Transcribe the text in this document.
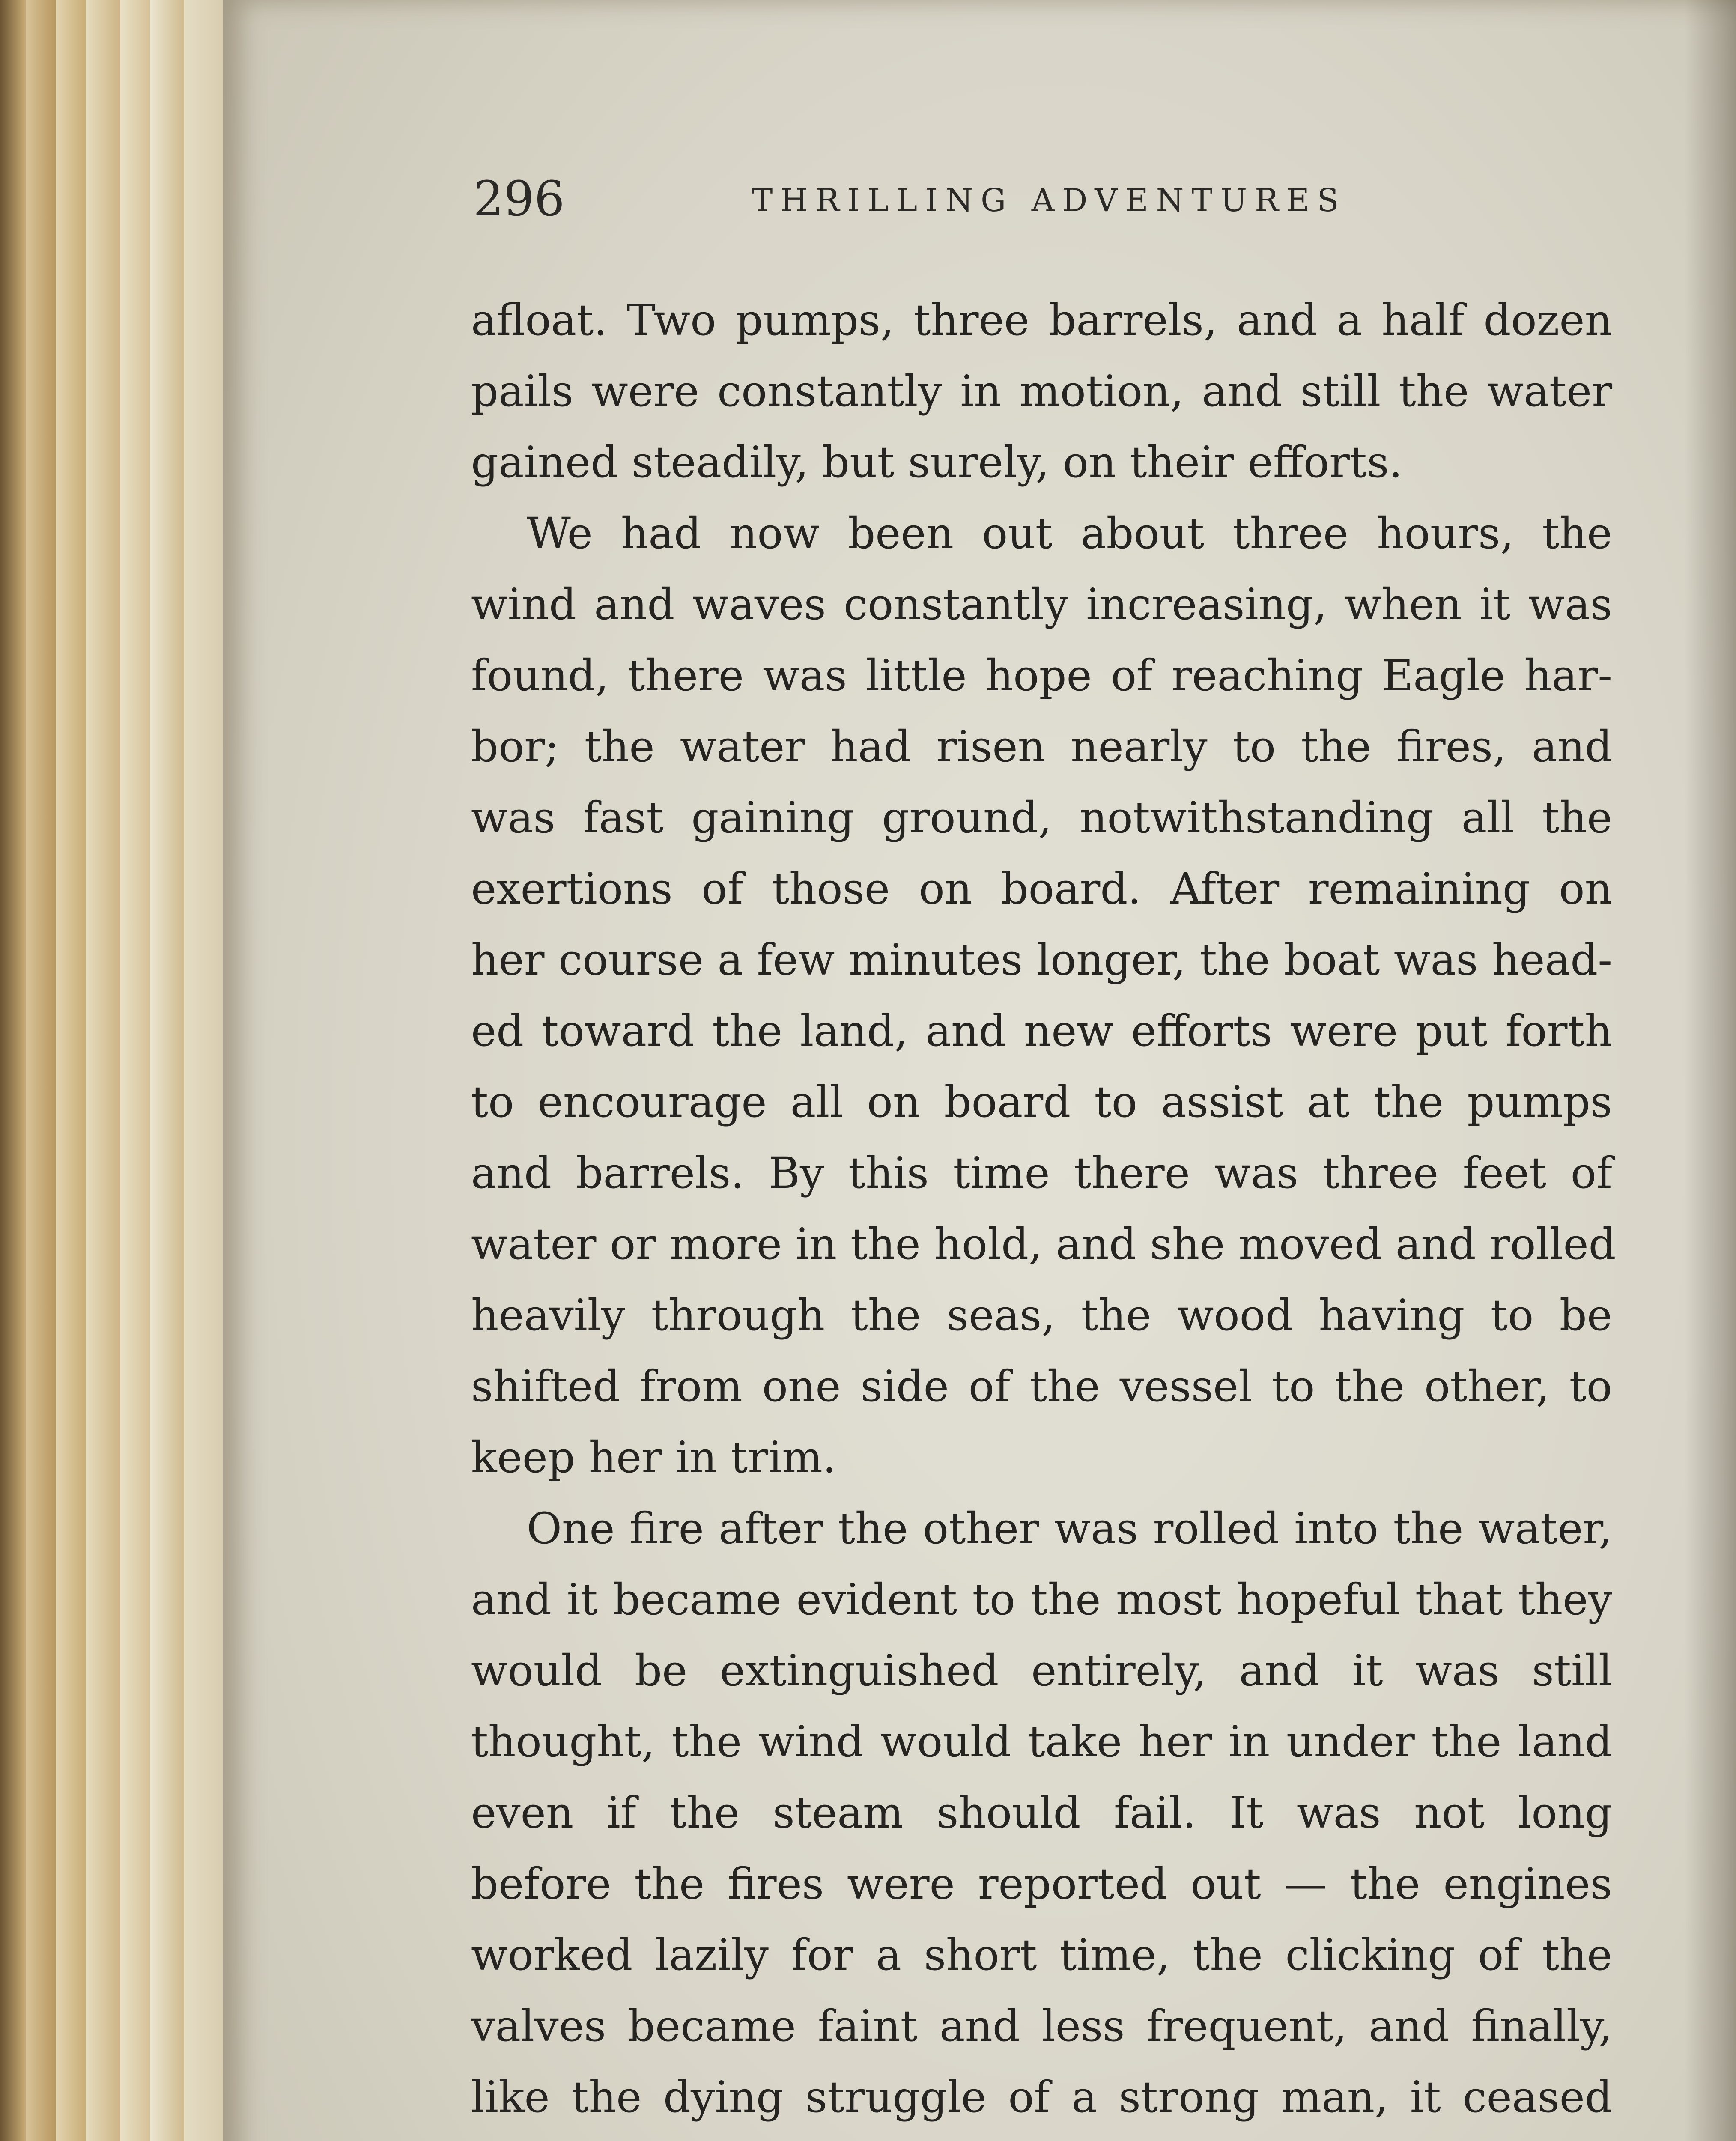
296	THRILLING ADVENTURES
afloat. Two pumps, three barrels, and a half dozen
pails were constantly in motion, and still the water
gained steadily, but surely, on their efforts.
We had now been out about three hours, the
wind and waves constantly increasing, when it was
found, there was little hope of reaching Eagle har-
bor; the water had risen nearly to the fires, and
was fast gaining ground, notwithstanding all the
exertions of those on board. After remaining on
her course a few minutes longer, the boat was head-
ed toward the land, and new efforts were put forth
to encourage all on board to assist at the pumps
and barrels. By this time there was three feet of
water or more in the hold, and she moved and rolled
heavily through the seas, the wood having to be
shifted from one side of the vessel to the other, to
keep her in trim.
One fire after the other was rolled into the water,
and it became evident to the most hopeful that they
would be extinguished entirely, and it was still
thought, the wind would take her in under the land
even if the steam should fail. It was not long
before the fires were reported out — the engines
worked lazily for a short time, the clicking of the
valves became faint and less frequent, and finally,
like the dying struggle of a strong man, it ceased
